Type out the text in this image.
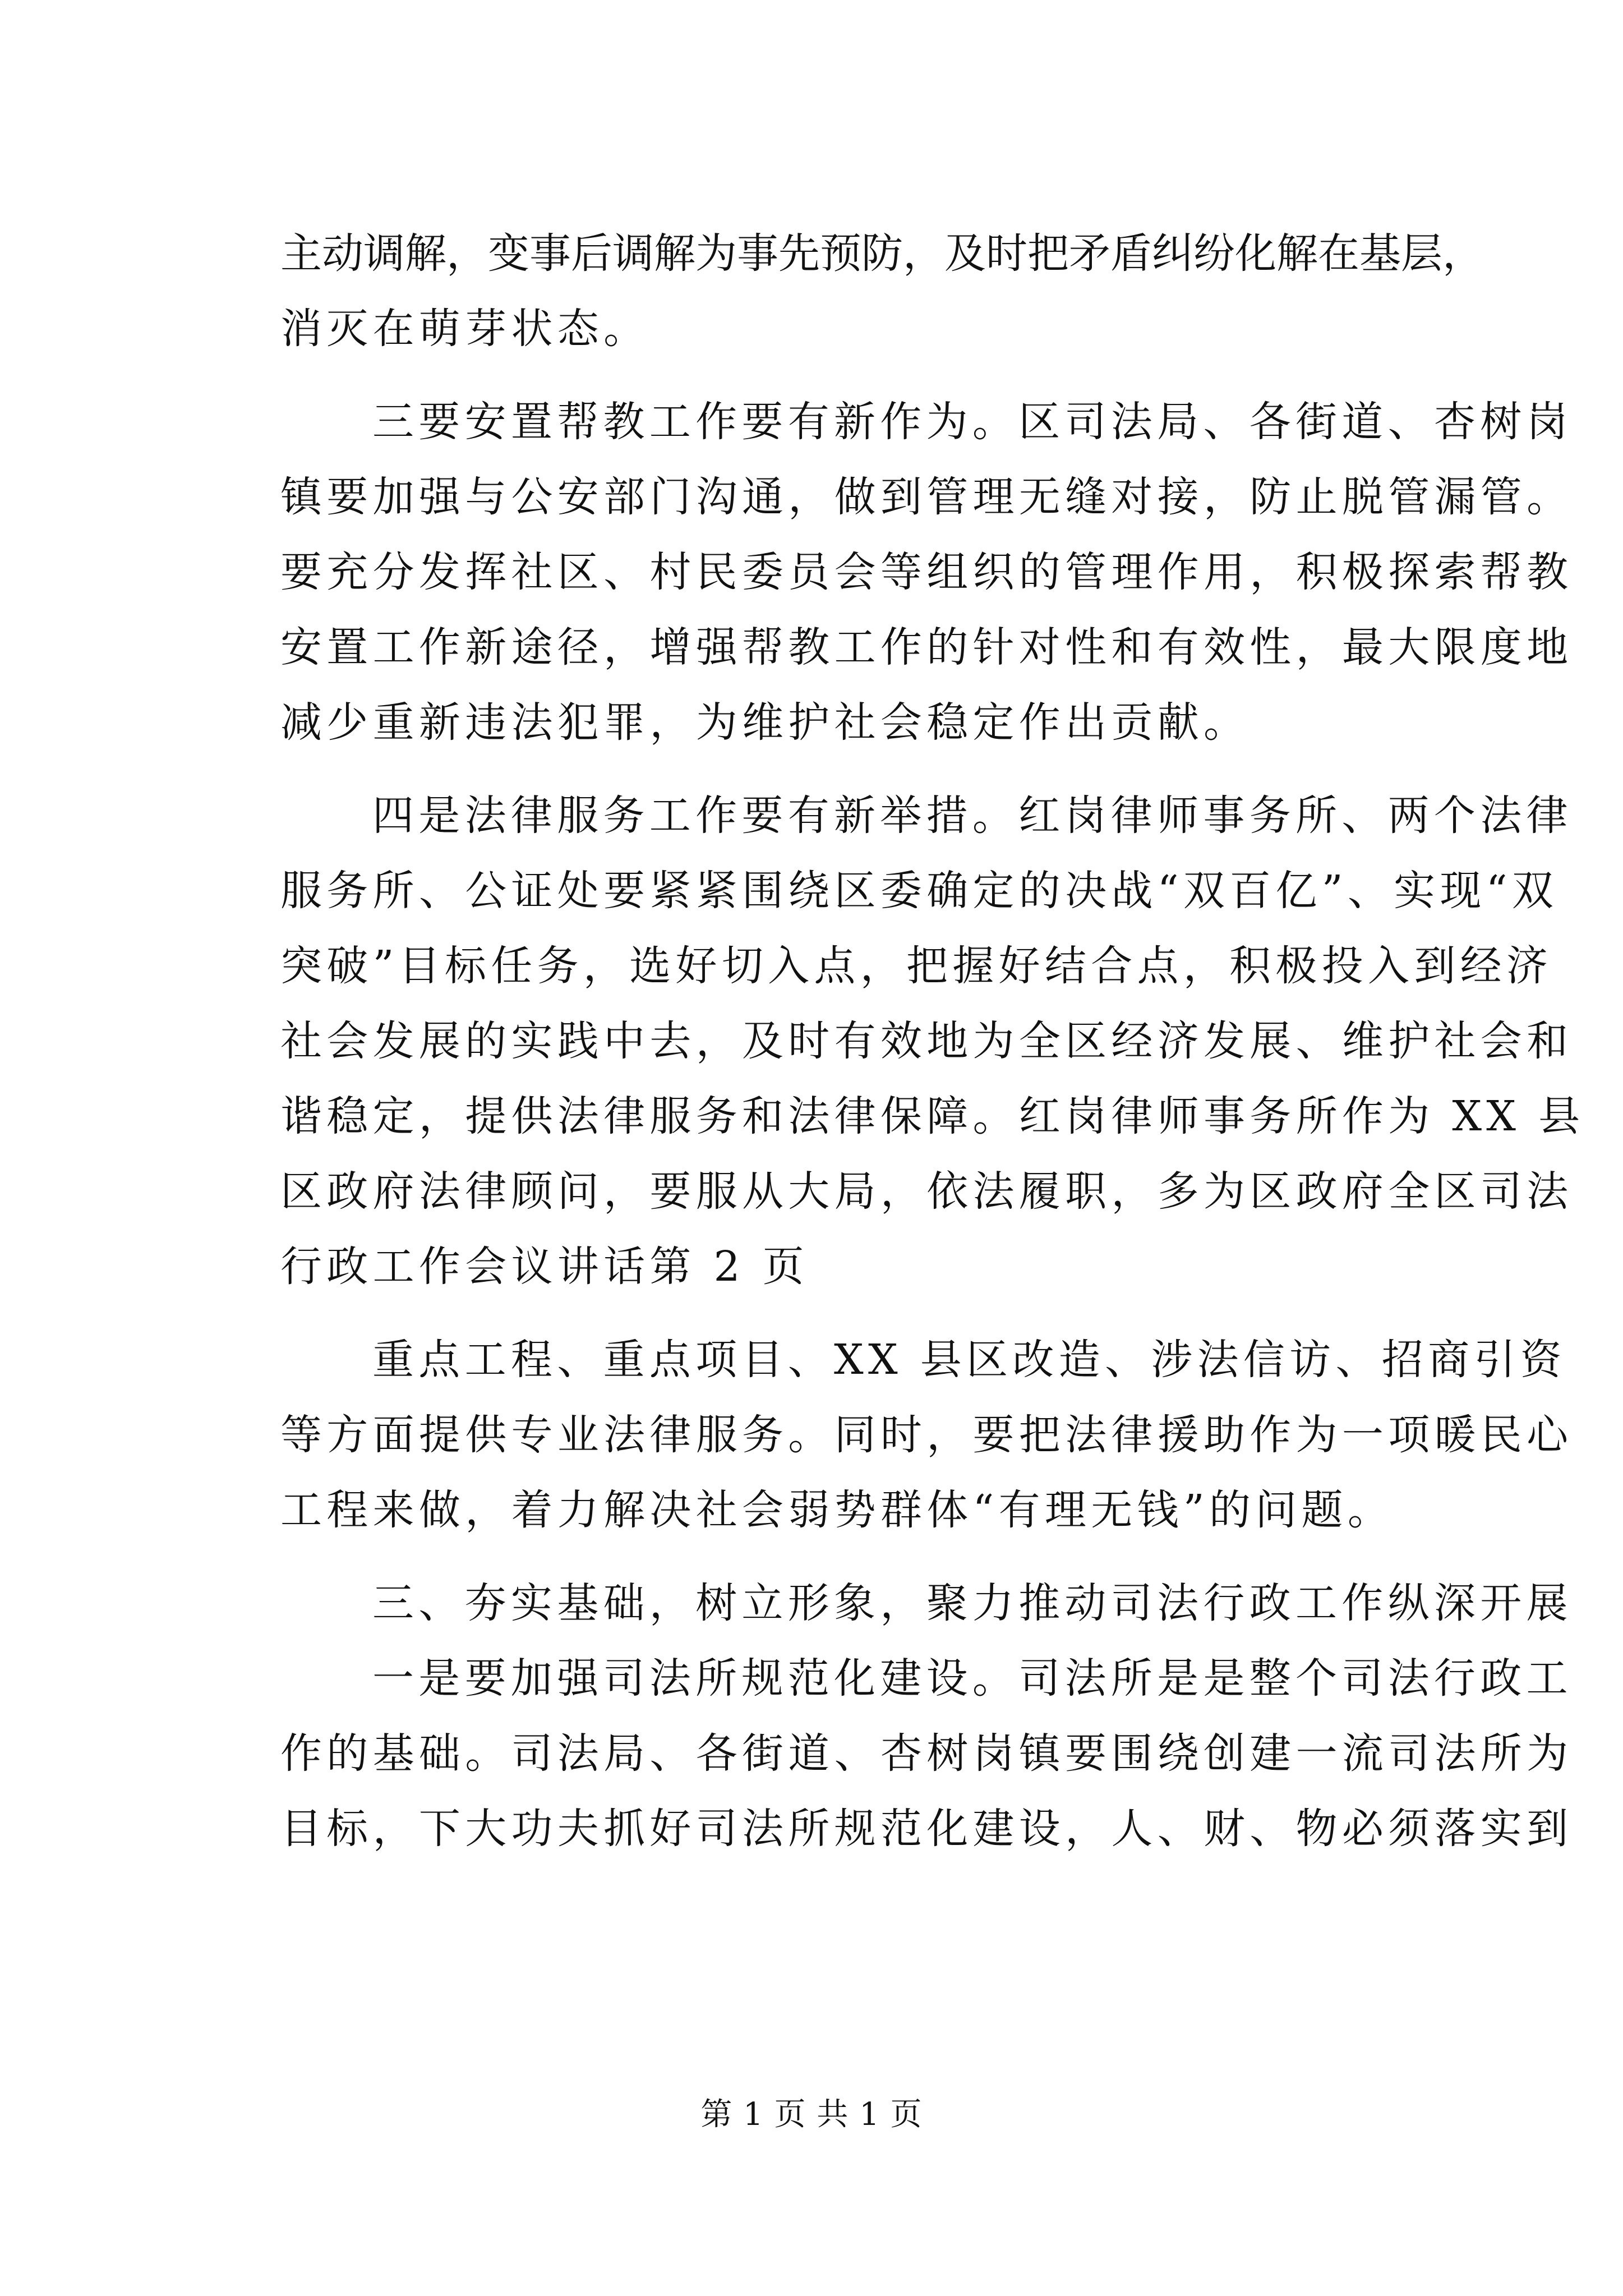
主动调解，变事后调解为事先预防，及时把矛盾纠纷化解在基层，
消灭在萌芽状态。
三要安置帮教工作要有新作为。区司法局、各街道、杏树岗
镇要加强与公安部门沟通，做到管理无缝对接，防止脱管漏管。
要充分发挥社区、村民委员会等组织的管理作用，积极探索帮教
安置工作新途径，增强帮教工作的针对性和有效性，最大限度地
减少重新违法犯罪，为维护社会稳定作出贡献。
四是法律服务工作要有新举措。红岗律师事务所、两个法律
服务所、公证处要紧紧围绕区委确定的决战“双百亿”、实现“双
突破”目标任务，选好切入点，把握好结合点，积极投入到经济
社会发展的实践中去，及时有效地为全区经济发展、维护社会和
谐稳定，提供法律服务和法律保障。红岗律师事务所作为 XX 县
区政府法律顾问，要服从大局，依法履职，多为区政府全区司法
行政工作会议讲话第 2 页
重点工程、重点项目、XX 县区改造、涉法信访、招商引资
等方面提供专业法律服务。同时，要把法律援助作为一项暖民心
工程来做，着力解决社会弱势群体“有理无钱”的问题。
三、夯实基础，树立形象，聚力推动司法行政工作纵深开展
一是要加强司法所规范化建设。司法所是是整个司法行政工
作的基础。司法局、各街道、杏树岗镇要围绕创建一流司法所为
目标，下大功夫抓好司法所规范化建设，人、财、物必须落实到
第 1 页 共 1 页
